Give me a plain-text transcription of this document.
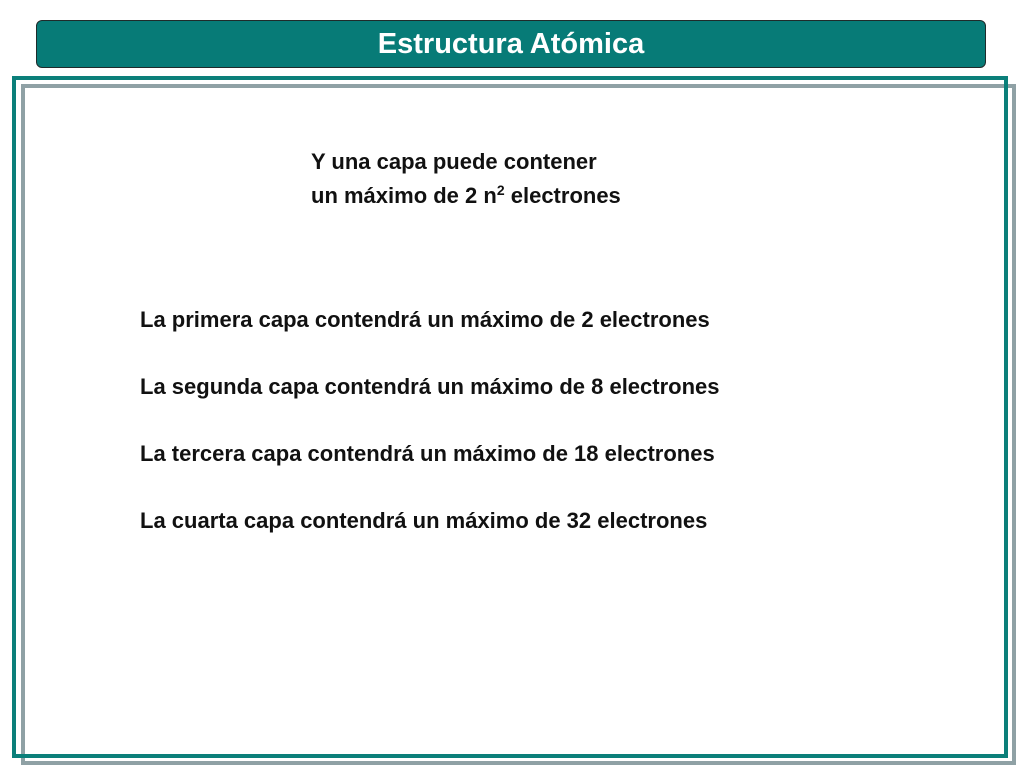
Estructura Atómica
Y una capa puede contener
un máximo de 2 $n^2$ electrones
La primera capa contendrá un máximo de 2 electrones
La segunda capa contendrá un máximo de 8 electrones
La tercera capa contendrá un máximo de 18 electrones
La cuarta capa contendrá un máximo de 32 electrones
